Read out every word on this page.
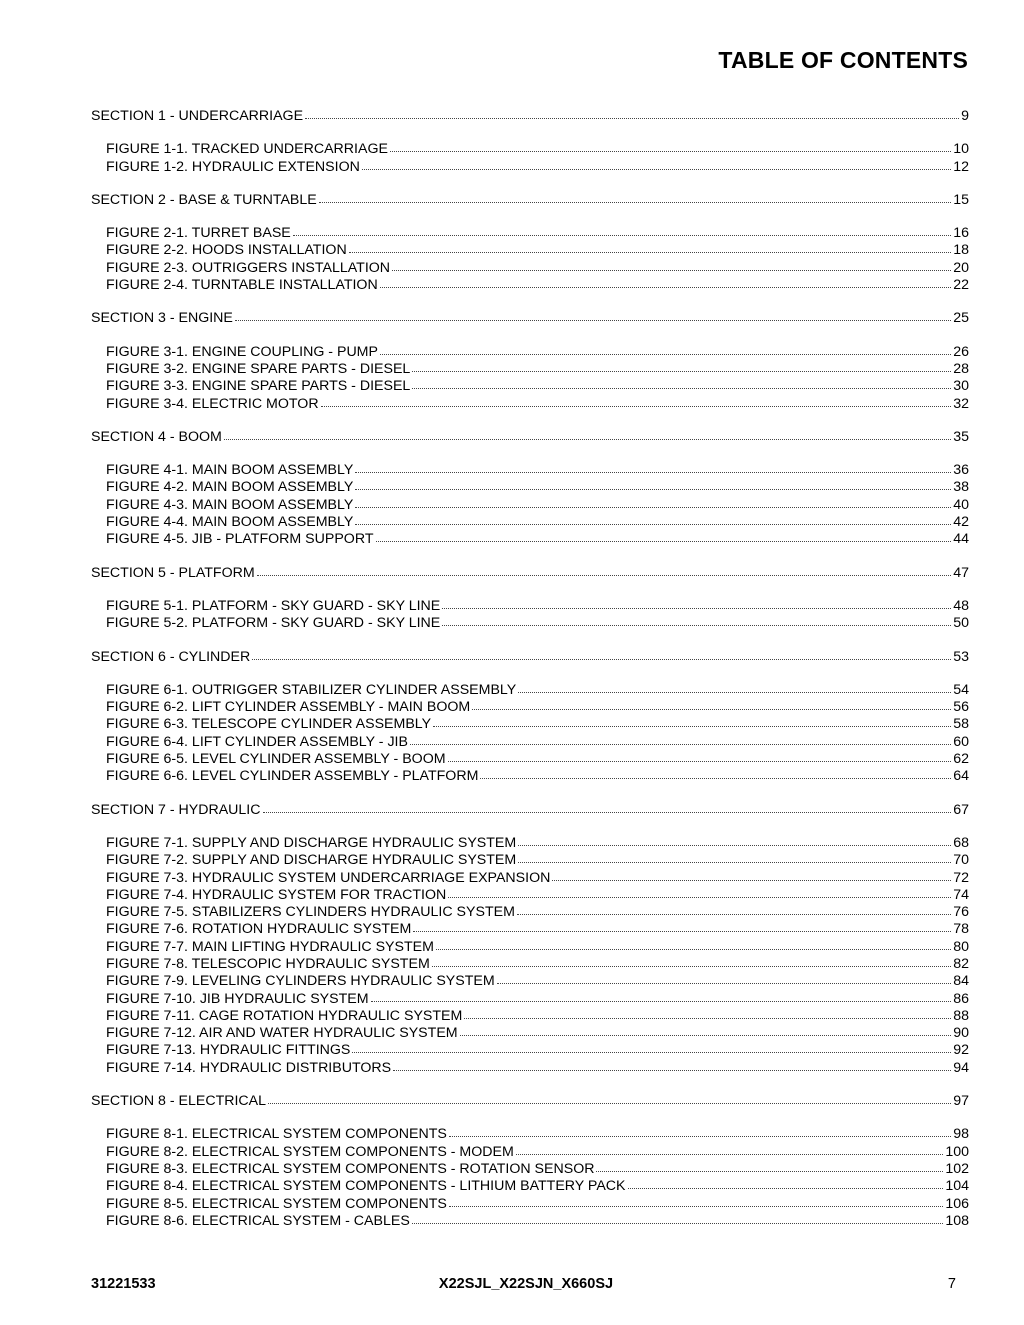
TABLE OF CONTENTS
SECTION 1 - UNDERCARRIAGE	9
FIGURE 1-1. TRACKED UNDERCARRIAGE	10
FIGURE 1-2. HYDRAULIC EXTENSION	12
SECTION 2 - BASE & TURNTABLE	15
FIGURE 2-1. TURRET BASE	16
FIGURE 2-2. HOODS INSTALLATION	18
FIGURE 2-3. OUTRIGGERS INSTALLATION	20
FIGURE 2-4. TURNTABLE INSTALLATION	22
SECTION 3 - ENGINE	25
FIGURE 3-1. ENGINE COUPLING - PUMP	26
FIGURE 3-2. ENGINE SPARE PARTS - DIESEL	28
FIGURE 3-3. ENGINE SPARE PARTS - DIESEL	30
FIGURE 3-4. ELECTRIC MOTOR	32
SECTION 4 - BOOM	35
FIGURE 4-1. MAIN BOOM ASSEMBLY	36
FIGURE 4-2. MAIN BOOM ASSEMBLY	38
FIGURE 4-3. MAIN BOOM ASSEMBLY	40
FIGURE 4-4. MAIN BOOM ASSEMBLY	42
FIGURE 4-5. JIB - PLATFORM SUPPORT	44
SECTION 5 - PLATFORM	47
FIGURE 5-1. PLATFORM - SKY GUARD - SKY LINE	48
FIGURE 5-2. PLATFORM - SKY GUARD - SKY LINE	50
SECTION 6 - CYLINDER	53
FIGURE 6-1. OUTRIGGER STABILIZER CYLINDER ASSEMBLY	54
FIGURE 6-2. LIFT CYLINDER ASSEMBLY - MAIN BOOM	56
FIGURE 6-3. TELESCOPE CYLINDER ASSEMBLY	58
FIGURE 6-4. LIFT CYLINDER ASSEMBLY - JIB	60
FIGURE 6-5. LEVEL CYLINDER ASSEMBLY - BOOM	62
FIGURE 6-6. LEVEL CYLINDER ASSEMBLY - PLATFORM	64
SECTION 7 - HYDRAULIC	67
FIGURE 7-1. SUPPLY AND DISCHARGE HYDRAULIC SYSTEM	68
FIGURE 7-2. SUPPLY AND DISCHARGE HYDRAULIC SYSTEM	70
FIGURE 7-3. HYDRAULIC SYSTEM UNDERCARRIAGE EXPANSION	72
FIGURE 7-4. HYDRAULIC SYSTEM FOR TRACTION	74
FIGURE 7-5. STABILIZERS CYLINDERS HYDRAULIC SYSTEM	76
FIGURE 7-6. ROTATION HYDRAULIC SYSTEM	78
FIGURE 7-7. MAIN LIFTING HYDRAULIC SYSTEM	80
FIGURE 7-8. TELESCOPIC HYDRAULIC SYSTEM	82
FIGURE 7-9. LEVELING CYLINDERS HYDRAULIC SYSTEM	84
FIGURE 7-10. JIB HYDRAULIC SYSTEM	86
FIGURE 7-11. CAGE ROTATION HYDRAULIC SYSTEM	88
FIGURE 7-12. AIR AND WATER HYDRAULIC SYSTEM	90
FIGURE 7-13. HYDRAULIC FITTINGS	92
FIGURE 7-14. HYDRAULIC DISTRIBUTORS	94
SECTION 8 - ELECTRICAL	97
FIGURE 8-1. ELECTRICAL SYSTEM COMPONENTS	98
FIGURE 8-2. ELECTRICAL SYSTEM COMPONENTS - MODEM	100
FIGURE 8-3. ELECTRICAL SYSTEM COMPONENTS - ROTATION SENSOR	102
FIGURE 8-4. ELECTRICAL SYSTEM COMPONENTS - LITHIUM BATTERY PACK	104
FIGURE 8-5. ELECTRICAL SYSTEM COMPONENTS	106
FIGURE 8-6. ELECTRICAL SYSTEM - CABLES	108
31221533	X22SJL_X22SJN_X660SJ	7
